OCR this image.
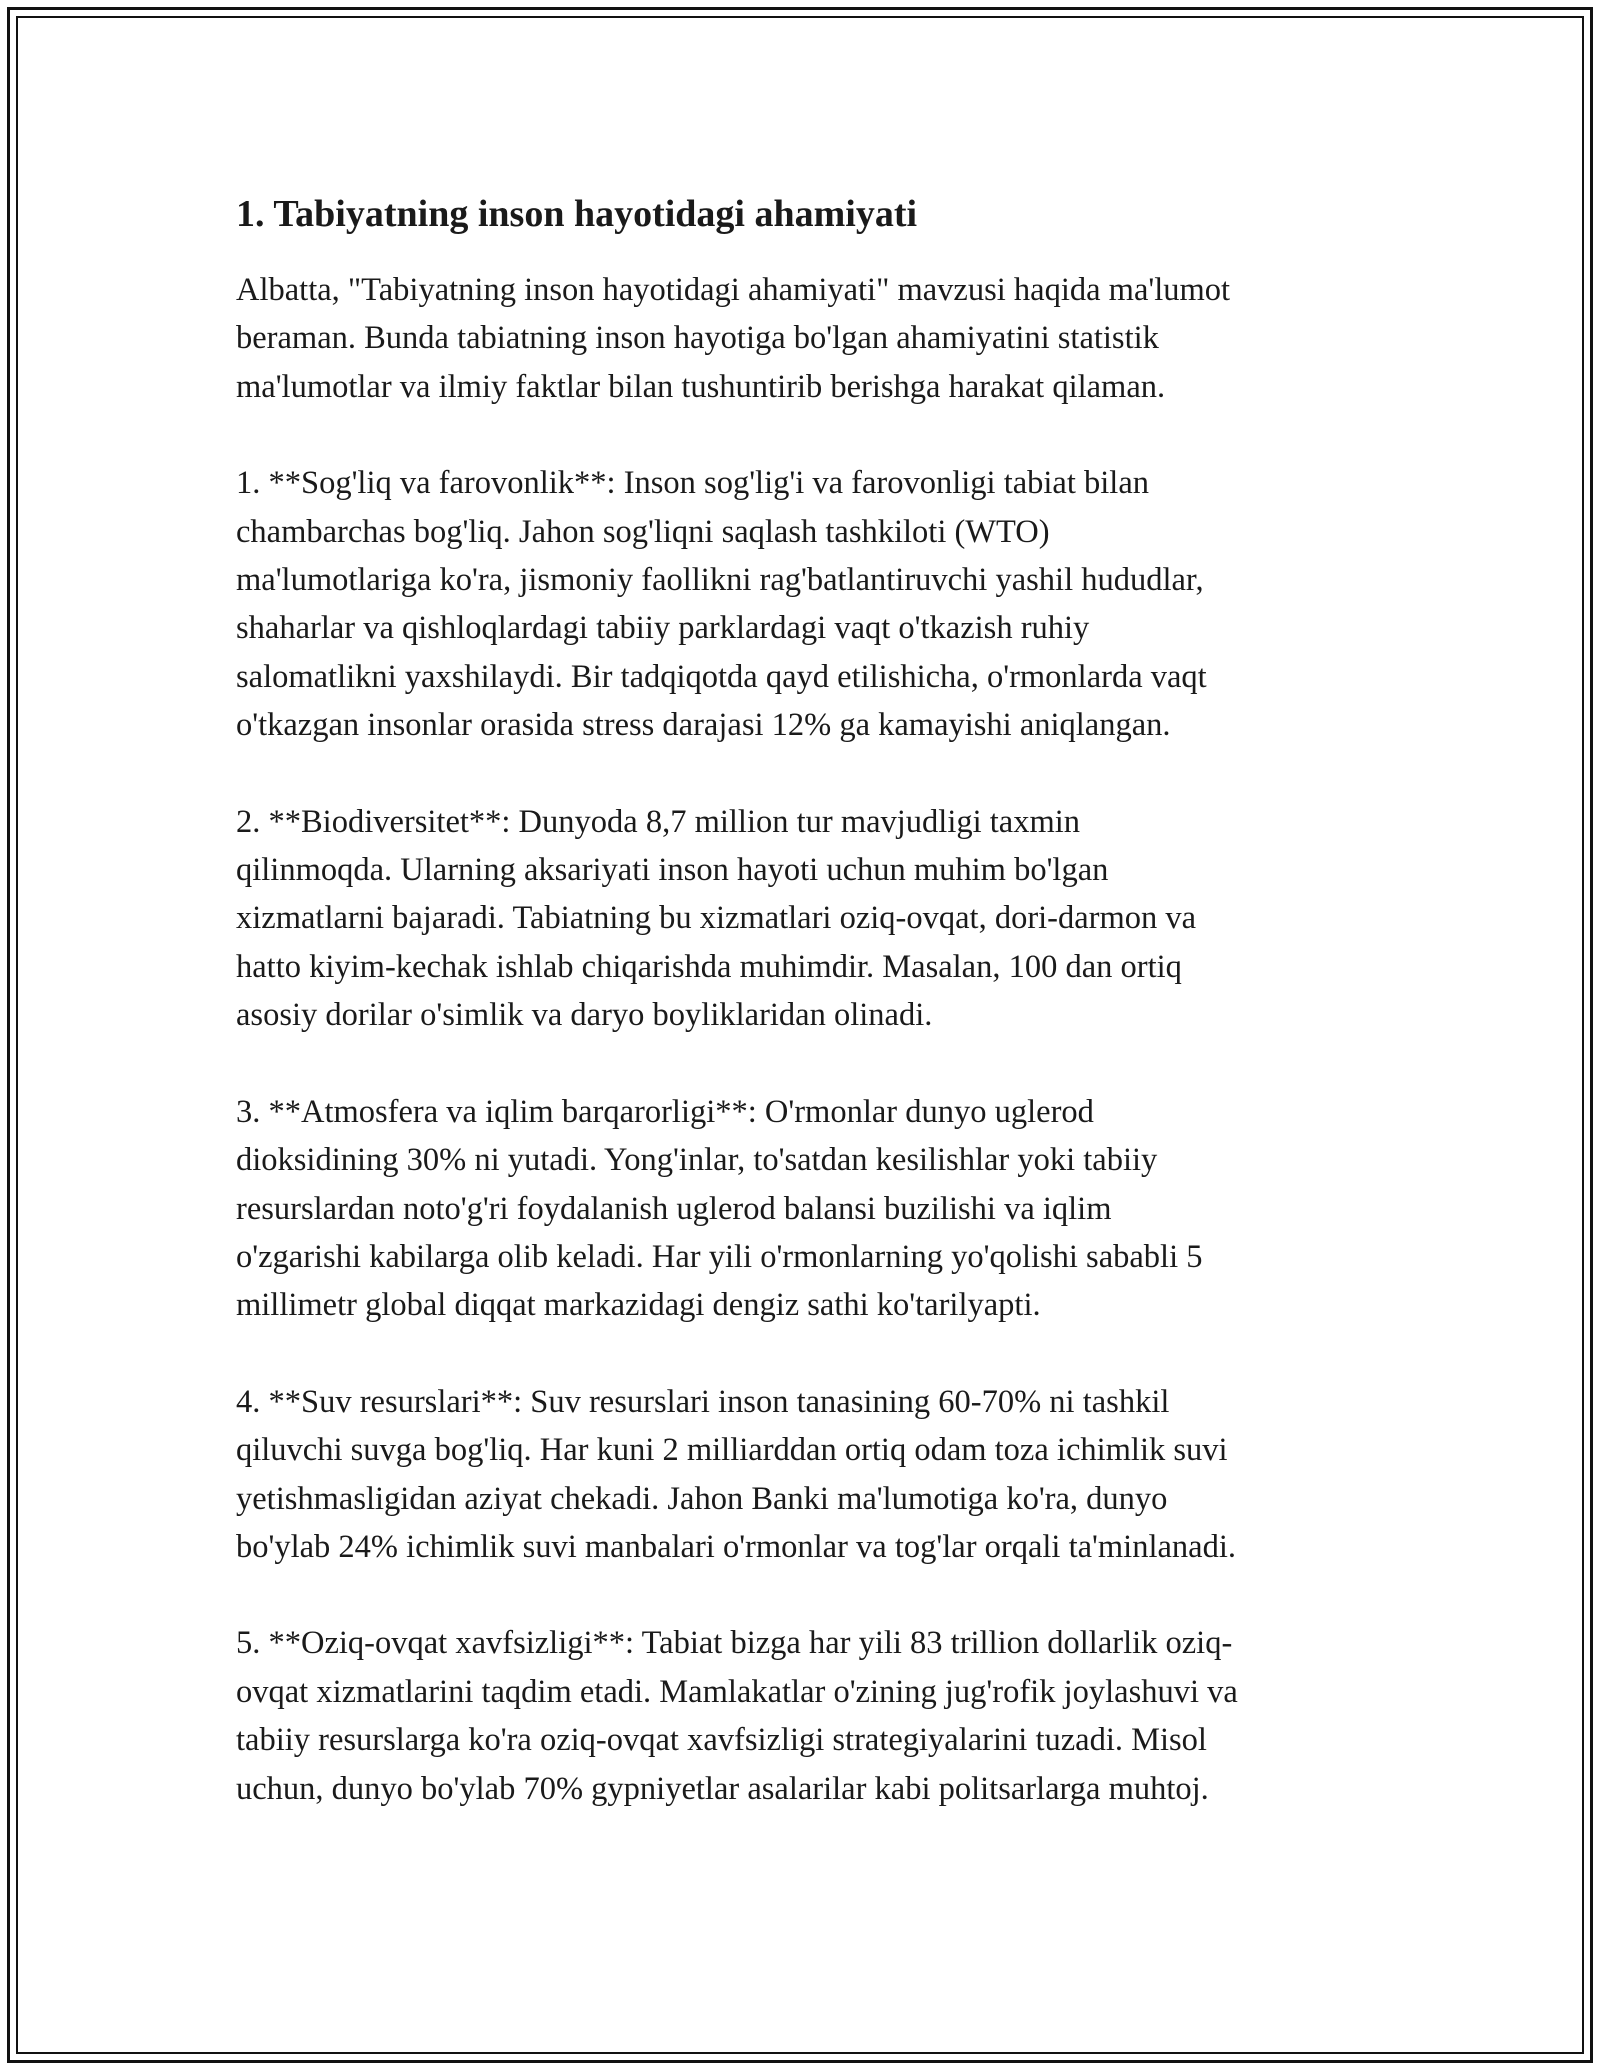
1. Tabiyatning inson hayotidagi ahamiyati

Albatta, "Tabiyatning inson hayotidagi ahamiyati" mavzusi haqida ma'lumot
beraman. Bunda tabiatning inson hayotiga bo'lgan ahamiyatini statistik
ma'lumotlar va ilmiy faktlar bilan tushuntirib berishga harakat qilaman.

1. **Sog'liq va farovonlik**: Inson sog'lig'i va farovonligi tabiat bilan
chambarchas bog'liq. Jahon sog'liqni saqlash tashkiloti (WTO)
ma'lumotlariga ko'ra, jismoniy faollikni rag'batlantiruvchi yashil hududlar,
shaharlar va qishloqlardagi tabiiy parklardagi vaqt o'tkazish ruhiy
salomatlikni yaxshilaydi. Bir tadqiqotda qayd etilishicha, o'rmonlarda vaqt
o'tkazgan insonlar orasida stress darajasi 12% ga kamayishi aniqlangan.

2. **Biodiversitet**: Dunyoda 8,7 million tur mavjudligi taxmin
qilinmoqda. Ularning aksariyati inson hayoti uchun muhim bo'lgan
xizmatlarni bajaradi. Tabiatning bu xizmatlari oziq-ovqat, dori-darmon va
hatto kiyim-kechak ishlab chiqarishda muhimdir. Masalan, 100 dan ortiq
asosiy dorilar o'simlik va daryo boyliklaridan olinadi.

3. **Atmosfera va iqlim barqarorligi**: O'rmonlar dunyo uglerod
dioksidining 30% ni yutadi. Yong'inlar, to'satdan kesilishlar yoki tabiiy
resurslardan noto'g'ri foydalanish uglerod balansi buzilishi va iqlim
o'zgarishi kabilarga olib keladi. Har yili o'rmonlarning yo'qolishi sababli 5
millimetr global diqqat markazidagi dengiz sathi ko'tarilyapti.

4. **Suv resurslari**: Suv resurslari inson tanasining 60-70% ni tashkil
qiluvchi suvga bog'liq. Har kuni 2 milliarddan ortiq odam toza ichimlik suvi
yetishmasligidan aziyat chekadi. Jahon Banki ma'lumotiga ko'ra, dunyo
bo'ylab 24% ichimlik suvi manbalari o'rmonlar va tog'lar orqali ta'minlanadi.

5. **Oziq-ovqat xavfsizligi**: Tabiat bizga har yili 83 trillion dollarlik oziq-
ovqat xizmatlarini taqdim etadi. Mamlakatlar o'zining jug'rofik joylashuvi va
tabiiy resurslarga ko'ra oziq-ovqat xavfsizligi strategiyalarini tuzadi. Misol
uchun, dunyo bo'ylab 70% gypniyetlar asalarilar kabi politsarlarga muhtoj.
